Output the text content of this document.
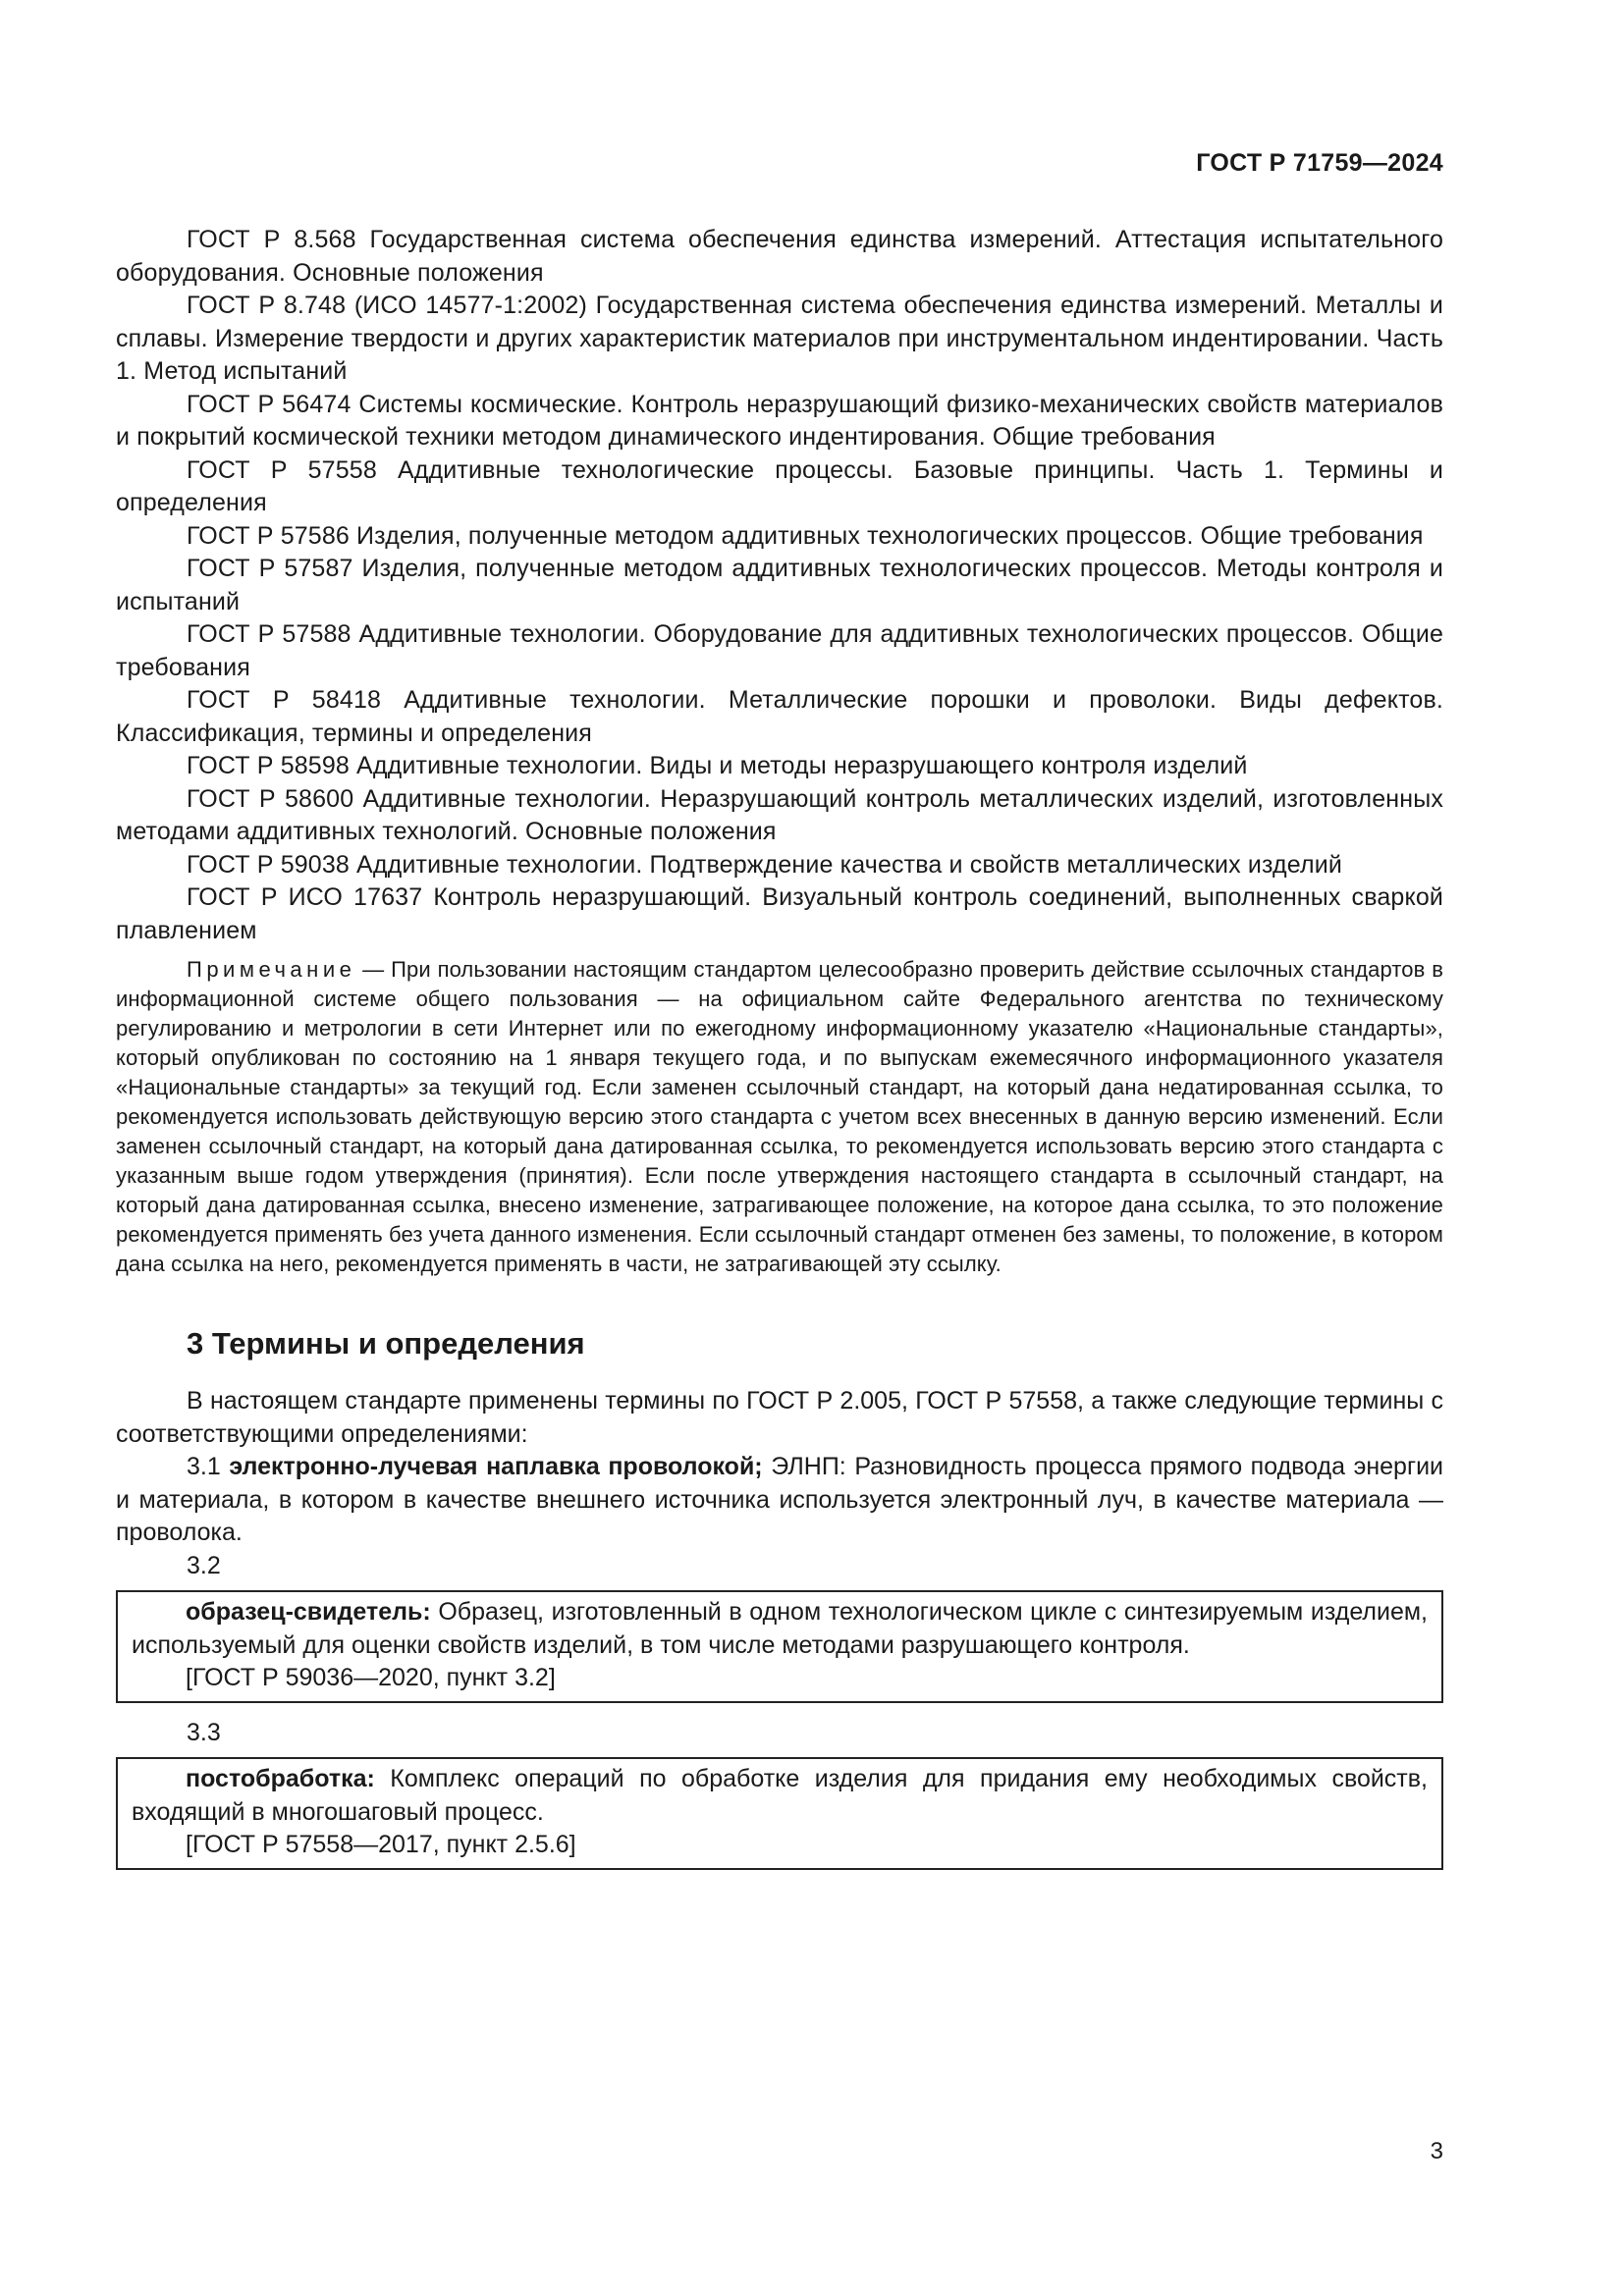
ГОСТ Р 71759—2024

ГОСТ Р 8.568 Государственная система обеспечения единства измерений. Аттестация испытательного оборудования. Основные положения

ГОСТ Р 8.748 (ИСО 14577-1:2002) Государственная система обеспечения единства измерений. Металлы и сплавы. Измерение твердости и других характеристик материалов при инструментальном индентировании. Часть 1. Метод испытаний

ГОСТ Р 56474 Системы космические. Контроль неразрушающий физико-механических свойств материалов и покрытий космической техники методом динамического индентирования. Общие требования

ГОСТ Р 57558 Аддитивные технологические процессы. Базовые принципы. Часть 1. Термины и определения

ГОСТ Р 57586 Изделия, полученные методом аддитивных технологических процессов. Общие требования

ГОСТ Р 57587 Изделия, полученные методом аддитивных технологических процессов. Методы контроля и испытаний

ГОСТ Р 57588 Аддитивные технологии. Оборудование для аддитивных технологических процессов. Общие требования

ГОСТ Р 58418 Аддитивные технологии. Металлические порошки и проволоки. Виды дефектов. Классификация, термины и определения

ГОСТ Р 58598 Аддитивные технологии. Виды и методы неразрушающего контроля изделий

ГОСТ Р 58600 Аддитивные технологии. Неразрушающий контроль металлических изделий, изготовленных методами аддитивных технологий. Основные положения

ГОСТ Р 59038 Аддитивные технологии. Подтверждение качества и свойств металлических изделий

ГОСТ Р ИСО 17637 Контроль неразрушающий. Визуальный контроль соединений, выполненных сваркой плавлением

Примечание — При пользовании настоящим стандартом целесообразно проверить действие ссылочных стандартов в информационной системе общего пользования — на официальном сайте Федерального агентства по техническому регулированию и метрологии в сети Интернет или по ежегодному информационному указателю «Национальные стандарты», который опубликован по состоянию на 1 января текущего года, и по выпускам ежемесячного информационного указателя «Национальные стандарты» за текущий год. Если заменен ссылочный стандарт, на который дана недатированная ссылка, то рекомендуется использовать действующую версию этого стандарта с учетом всех внесенных в данную версию изменений. Если заменен ссылочный стандарт, на который дана датированная ссылка, то рекомендуется использовать версию этого стандарта с указанным выше годом утверждения (принятия). Если после утверждения настоящего стандарта в ссылочный стандарт, на который дана датированная ссылка, внесено изменение, затрагивающее положение, на которое дана ссылка, то это положение рекомендуется применять без учета данного изменения. Если ссылочный стандарт отменен без замены, то положение, в котором дана ссылка на него, рекомендуется применять в части, не затрагивающей эту ссылку.

3 Термины и определения

В настоящем стандарте применены термины по ГОСТ Р 2.005, ГОСТ Р 57558, а также следующие термины с соответствующими определениями:

3.1 электронно-лучевая наплавка проволокой; ЭЛНП: Разновидность процесса прямого подвода энергии и материала, в котором в качестве внешнего источника используется электронный луч, в качестве материала — проволока.

3.2

образец-свидетель: Образец, изготовленный в одном технологическом цикле с синтезируемым изделием, используемый для оценки свойств изделий, в том числе методами разрушающего контроля.

[ГОСТ Р 59036—2020, пункт 3.2]

3.3

постобработка: Комплекс операций по обработке изделия для придания ему необходимых свойств, входящий в многошаговый процесс.

[ГОСТ Р 57558—2017, пункт 2.5.6]

3
